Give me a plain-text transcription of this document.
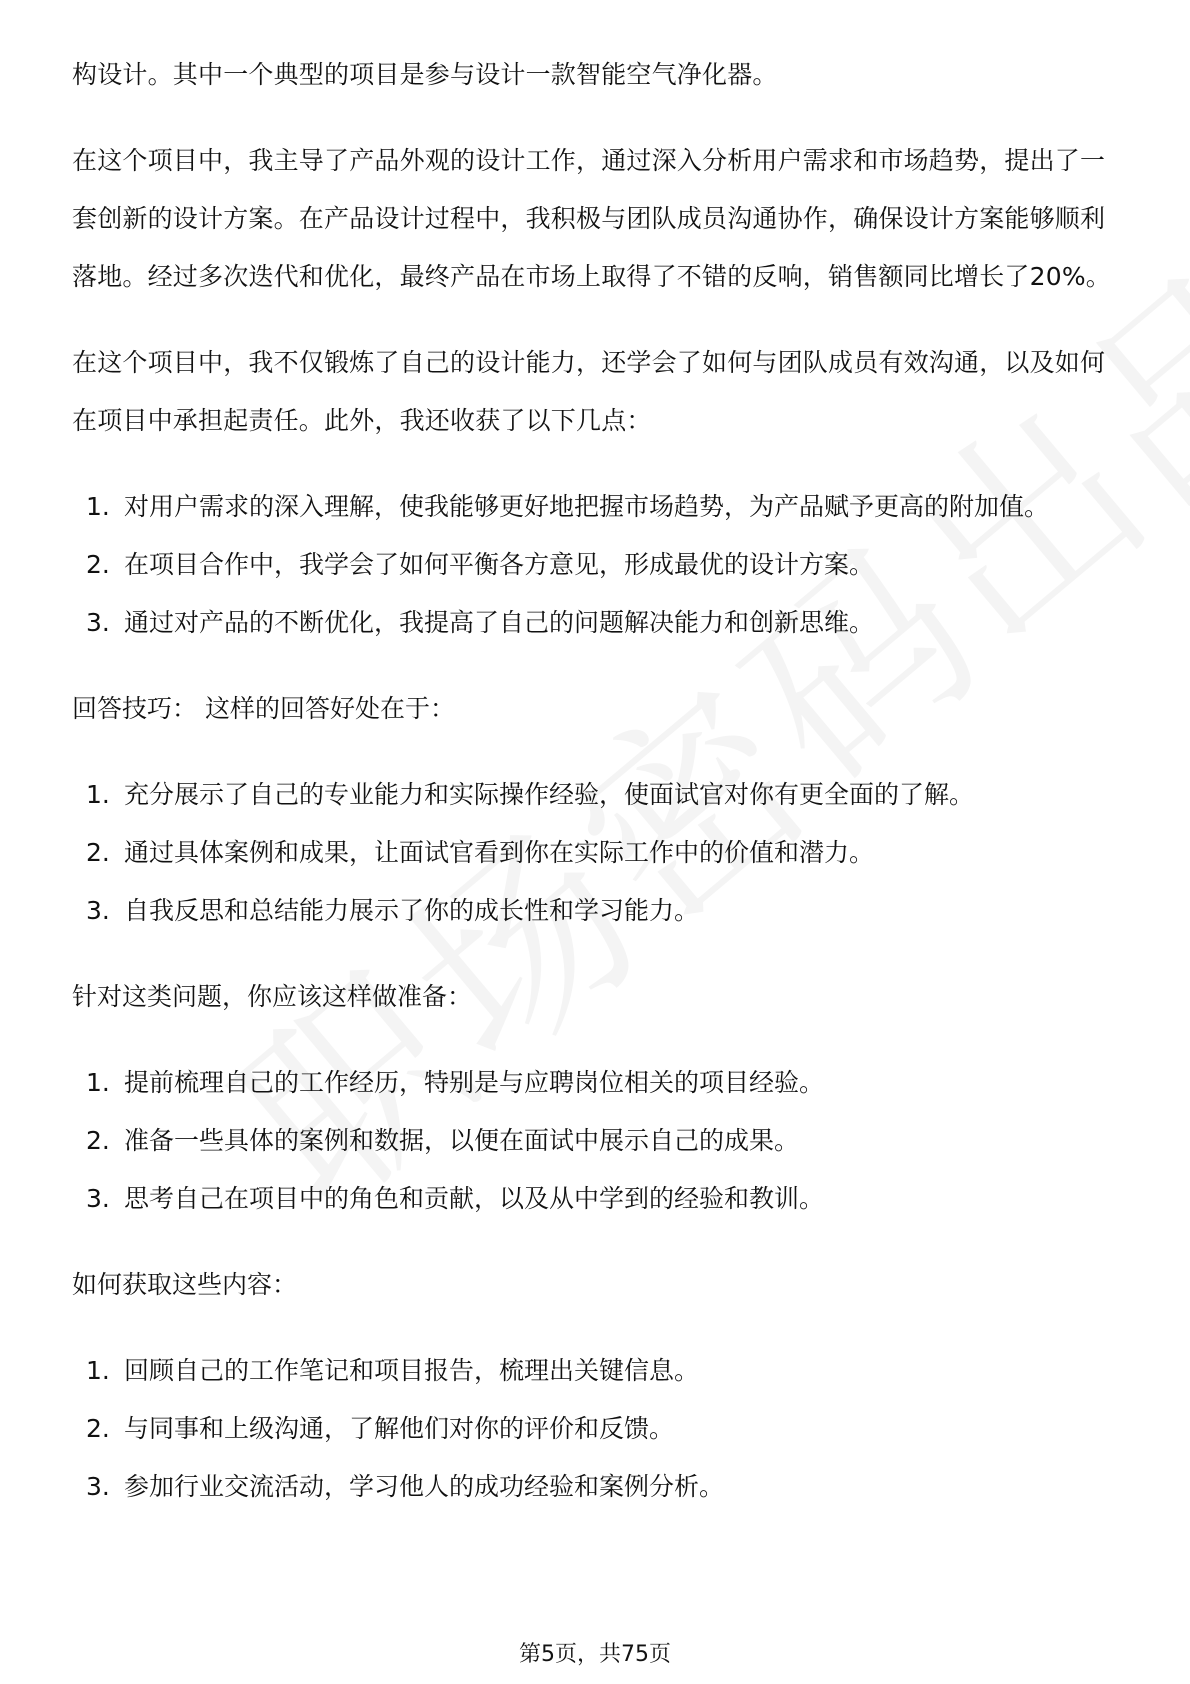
构设计。其中一个典型的项目是参与设计一款智能空气净化器。

在这个项目中，我主导了产品外观的设计工作，通过深入分析用户需求和市场趋势，提出了一套创新的设计方案。在产品设计过程中，我积极与团队成员沟通协作，确保设计方案能够顺利落地。经过多次迭代和优化，最终产品在市场上取得了不错的反响，销售额同比增长了20%。

在这个项目中，我不仅锻炼了自己的设计能力，还学会了如何与团队成员有效沟通，以及如何在项目中承担起责任。此外，我还收获了以下几点：

1. 对用户需求的深入理解，使我能够更好地把握市场趋势，为产品赋予更高的附加值。
2. 在项目合作中，我学会了如何平衡各方意见，形成最优的设计方案。
3. 通过对产品的不断优化，我提高了自己的问题解决能力和创新思维。

回答技巧： 这样的回答好处在于：

1. 充分展示了自己的专业能力和实际操作经验，使面试官对你有更全面的了解。
2. 通过具体案例和成果，让面试官看到你在实际工作中的价值和潜力。
3. 自我反思和总结能力展示了你的成长性和学习能力。

针对这类问题，你应该这样做准备：

1. 提前梳理自己的工作经历，特别是与应聘岗位相关的项目经验。
2. 准备一些具体的案例和数据，以便在面试中展示自己的成果。
3. 思考自己在项目中的角色和贡献，以及从中学到的经验和教训。

如何获取这些内容：

1. 回顾自己的工作笔记和项目报告，梳理出关键信息。
2. 与同事和上级沟通，了解他们对你的评价和反馈。
3. 参加行业交流活动，学习他人的成功经验和案例分析。
第5页，共75页
